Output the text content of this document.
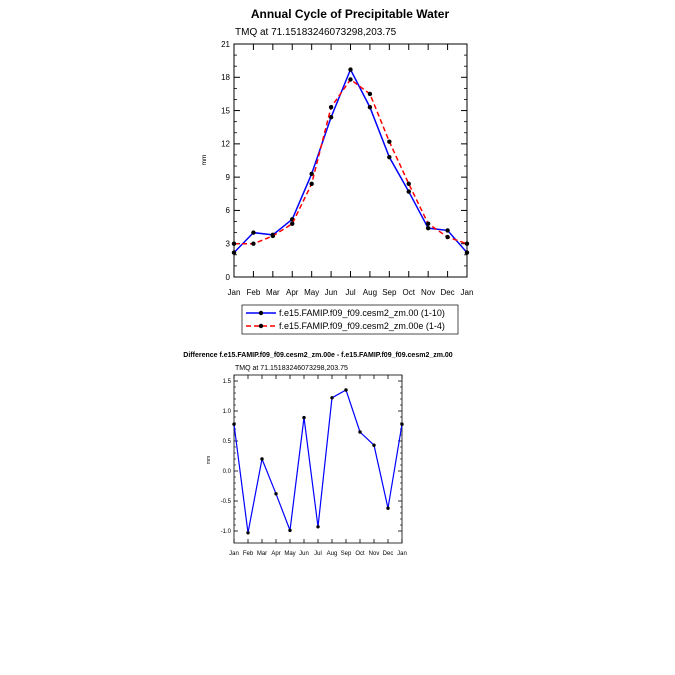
Annual Cycle of Precipitable Water
TMQ at 71.15183246073298,203.75
mm
0
3
6
9
12
15
18
21
Jan Feb Mar Apr May Jun Jul Aug Sep Oct Nov Dec Jan
f.e15.FAMIP.f09_f09.cesm2_zm.00 (1-10)
f.e15.FAMIP.f09_f09.cesm2_zm.00e (1-4)
Difference f.e15.FAMIP.f09_f09.cesm2_zm.00e - f.e15.FAMIP.f09_f09.cesm2_zm.00
TMQ at 71.15183246073298,203.75
mm
-1.0
-0.5
0.0
0.5
1.0
1.5
Jan Feb Mar Apr May Jun Jul Aug Sep Oct Nov Dec Jan
